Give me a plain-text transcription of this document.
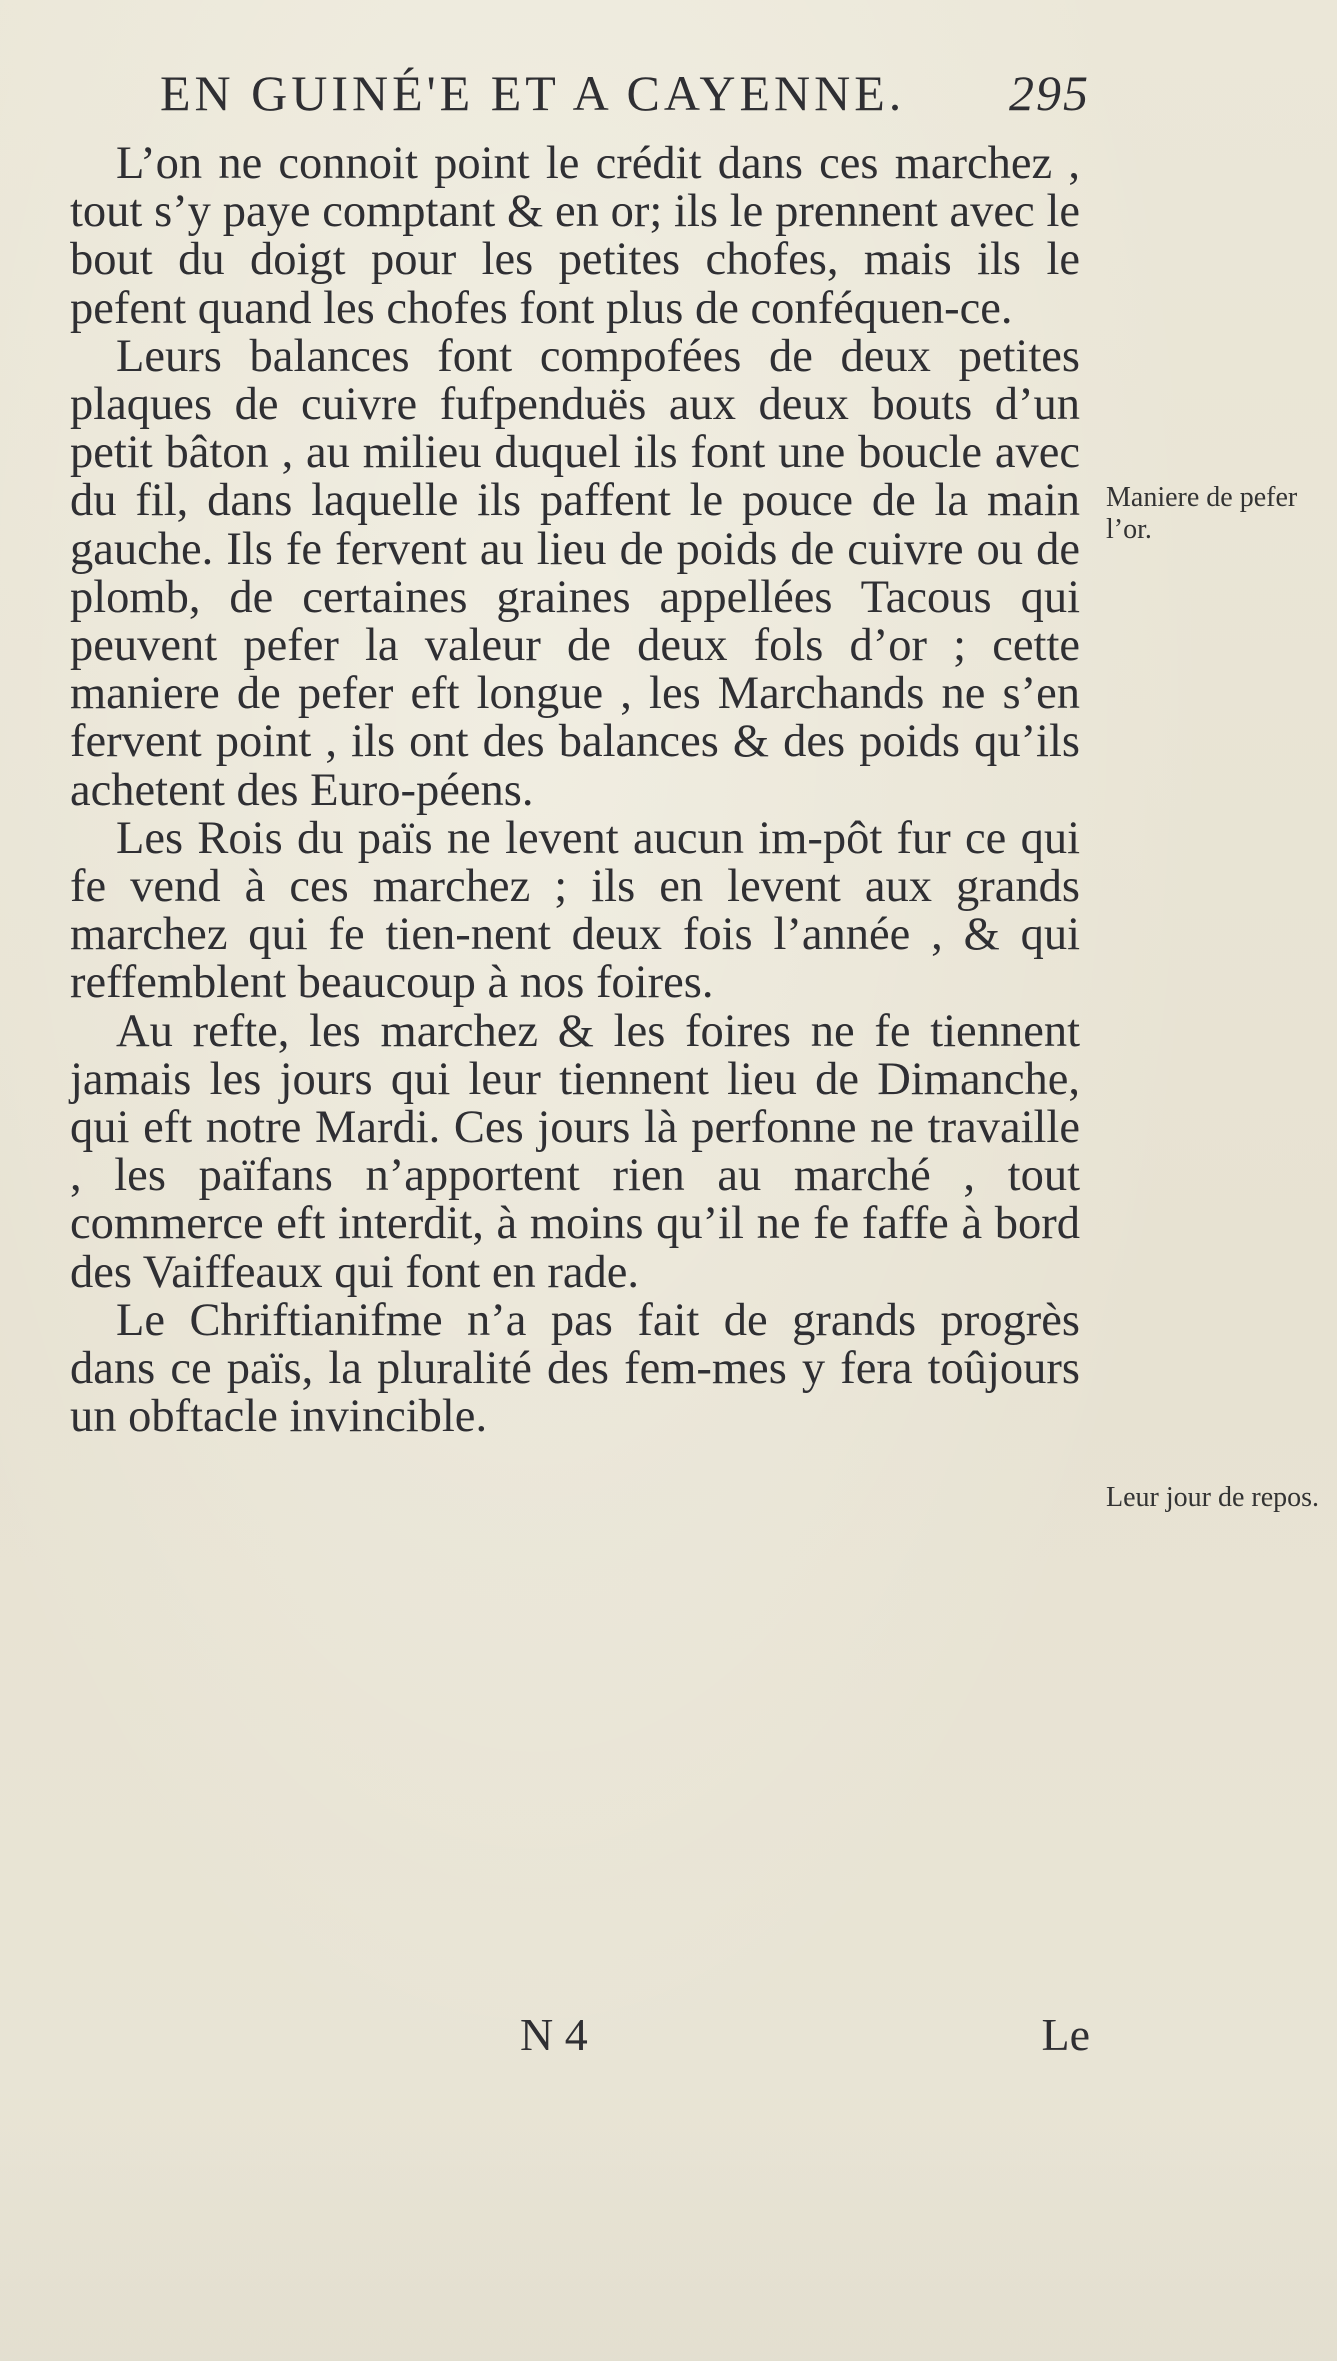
EN GUINÉ'E ET A CAYENNE. 295

L’on ne connoit point le crédit dans ces marchez , tout s’y paye comptant & en or; ils le prennent avec le bout du doigt pour les petites chofes, mais ils le pefent quand les chofes font plus de conféquen-ce.

Leurs balances font compofées de deux petites plaques de cuivre fufpenduës aux deux bouts d’un petit bâton , au milieu duquel ils font une boucle avec du fil, dans laquelle ils paffent le pouce de la main gauche. Ils fe fervent au lieu de poids de cuivre ou de plomb, de certaines graines appellées Tacous qui peuvent pefer la valeur de deux fols d’or ; cette maniere de pefer eft longue , les Marchands ne s’en fervent point , ils ont des balances & des poids qu’ils achetent des Euro-péens.

Les Rois du païs ne levent aucun im-pôt fur ce qui fe vend à ces marchez ; ils en levent aux grands marchez qui fe tien-nent deux fois l’année , & qui reffemblent beaucoup à nos foires.

Au refte, les marchez & les foires ne fe tiennent jamais les jours qui leur tiennent lieu de Dimanche, qui eft notre Mardi. Ces jours là perfonne ne travaille , les païfans n’apportent rien au marché , tout commerce eft interdit, à moins qu’il ne fe faffe à bord des Vaiffeaux qui font en rade.

Le Chriftianifme n’a pas fait de grands progrès dans ce païs, la pluralité des fem-mes y fera toûjours un obftacle invincible.

Maniere de pefer l’or.
Leur jour de repos.
N 4	Le
